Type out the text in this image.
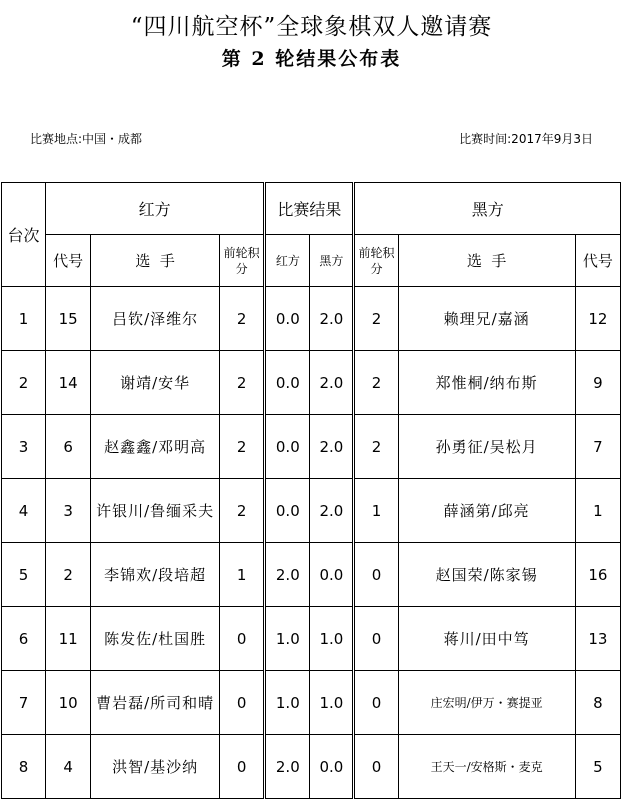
“四川航空杯”全球象棋双人邀请赛
第 2 轮结果公布表
比赛地点:中国・成都	比赛时间:2017年9月3日
台次	红方			比赛结果		黑方		
	代号	选  手	前轮积分	红方	黑方	前轮积分	选  手	代号
1	15	吕钦/泽维尔	2	0.0	2.0	2	赖理兄/嘉涵	12
2	14	谢靖/安华	2	0.0	2.0	2	郑惟桐/纳布斯	9
3	6	赵鑫鑫/邓明高	2	0.0	2.0	2	孙勇征/吴松月	7
4	3	许银川/鲁缅采夫	2	0.0	2.0	1	薛涵第/邱亮	1
5	2	李锦欢/段培超	1	2.0	0.0	0	赵国荣/陈家锡	16
6	11	陈发佐/杜国胜	0	1.0	1.0	0	蒋川/田中笃	13
7	10	曹岩磊/所司和晴	0	1.0	1.0	0	庄宏明/伊万・赛提亚	8
8	4	洪智/基沙纳	0	2.0	0.0	0	王天一/安格斯・麦克	5
